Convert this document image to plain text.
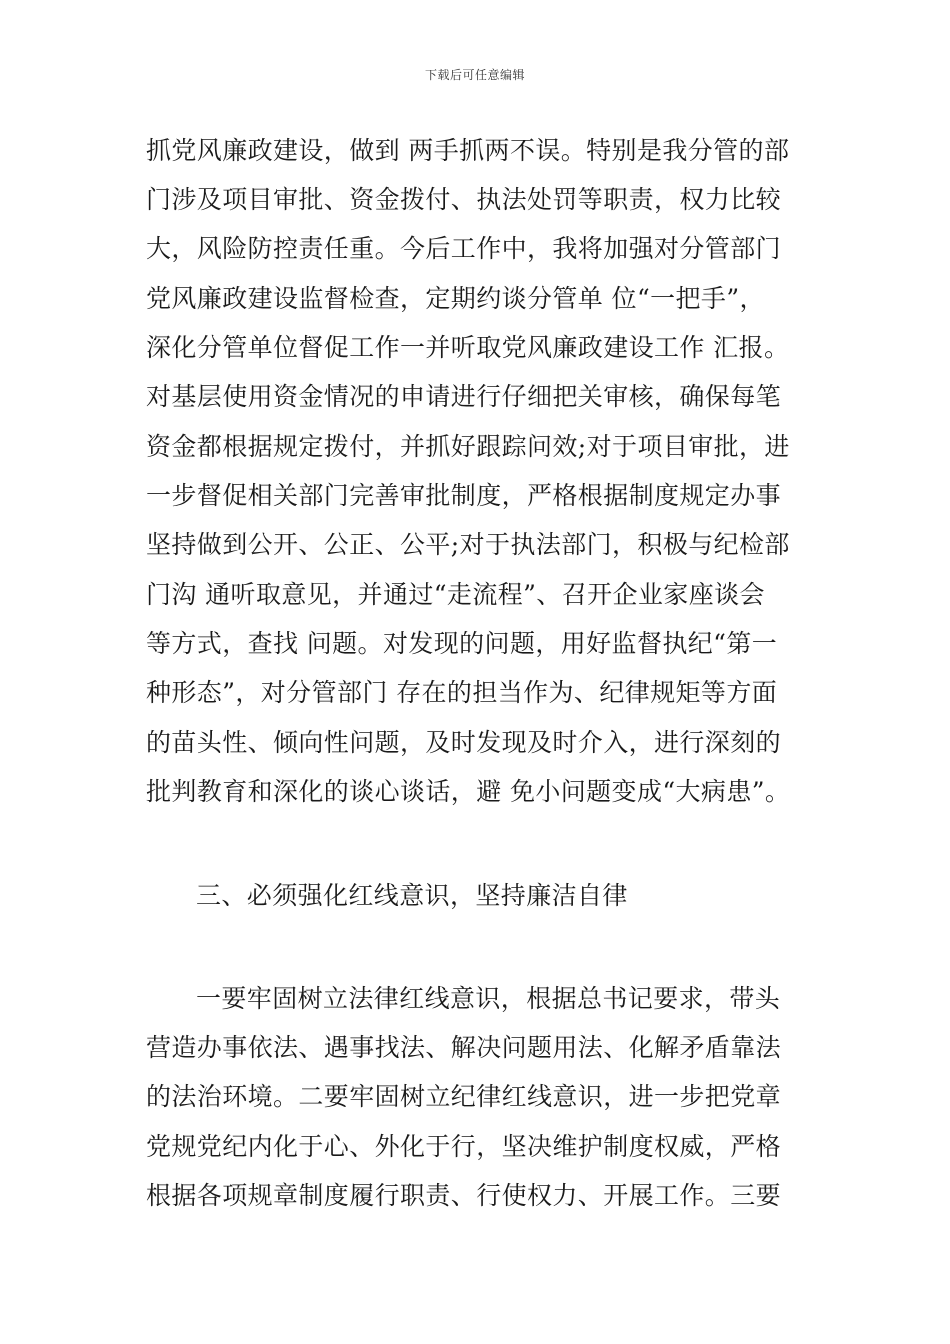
下载后可任意编辑
抓党风廉政建设，做到 两手抓两不误。特别是我分管的部
门涉及项目审批、资金拨付、执法处罚等职责，权力比较
大，风险防控责任重。今后工作中，我将加强对分管部门
党风廉政建设监督检查，定期约谈分管单 位“一把手”，
深化分管单位督促工作一并听取党风廉政建设工作 汇报。
对基层使用资金情况的申请进行仔细把关审核，确保每笔
资金都根据规定拨付，并抓好跟踪问效;对于项目审批，进
一步督促相关部门完善审批制度，严格根据制度规定办事
坚持做到公开、公正、公平;对于执法部门，积极与纪检部
门沟 通听取意见，并通过“走流程”、召开企业家座谈会
等方式，查找 问题。对发现的问题，用好监督执纪“第一
种形态”，对分管部门 存在的担当作为、纪律规矩等方面
的苗头性、倾向性问题，及时发现及时介入，进行深刻的
批判教育和深化的谈心谈话，避 免小问题变成“大病患”。
三、必须强化红线意识，坚持廉洁自律
一要牢固树立法律红线意识，根据总书记要求，带头
营造办事依法、遇事找法、解决问题用法、化解矛盾靠法
的法治环境。二要牢固树立纪律红线意识，进一步把党章
党规党纪内化于心、外化于行，坚决维护制度权威，严格
根据各项规章制度履行职责、行使权力、开展工作。三要
